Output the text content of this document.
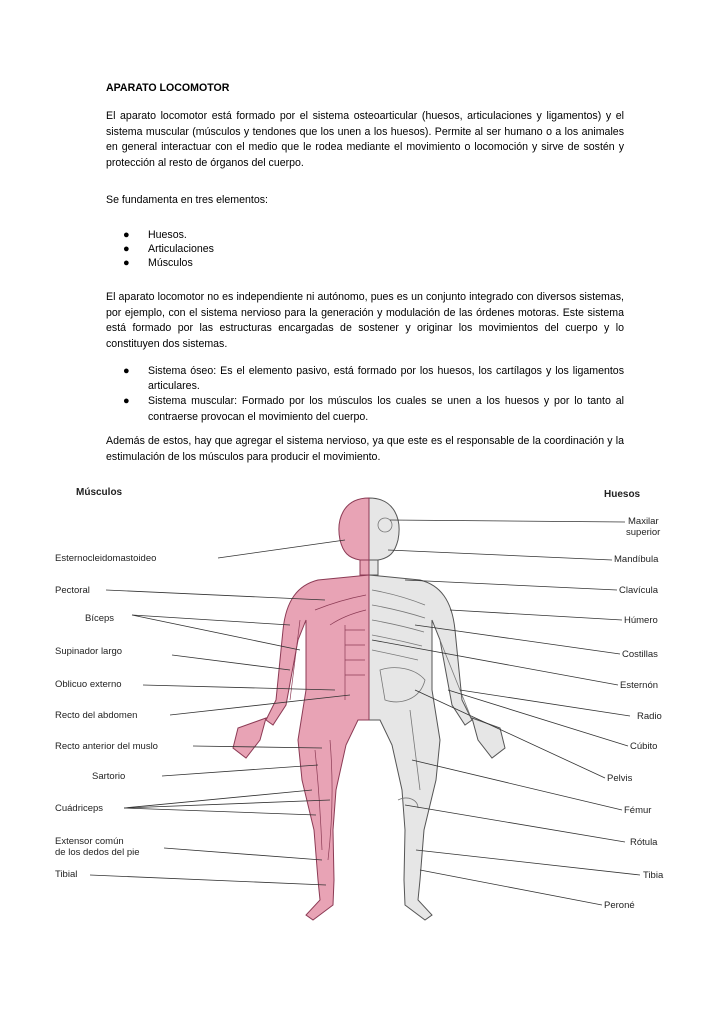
APARATO LOCOMOTOR
El aparato locomotor está formado por el sistema osteoarticular (huesos, articulaciones y ligamentos) y el sistema muscular (músculos y tendones que los unen a los huesos). Permite al ser humano o a los animales en general interactuar con el medio que le rodea mediante el movimiento o locomoción y sirve de sostén y protección al resto de órganos del cuerpo.
Se fundamenta en tres elementos:
● Huesos.
● Articulaciones
● Músculos
El aparato locomotor no es independiente ni autónomo, pues es un conjunto integrado con diversos sistemas, por ejemplo, con el sistema nervioso para la generación y modulación de las órdenes motoras. Este sistema está formado por las estructuras encargadas de sostener y originar los movimientos del cuerpo y lo constituyen dos sistemas.
● Sistema óseo: Es el elemento pasivo, está formado por los huesos, los cartílagos y los ligamentos articulares.
● Sistema muscular: Formado por los músculos los cuales se unen a los huesos y por lo tanto al contraerse provocan el movimiento del cuerpo.
Además de estos, hay que agregar el sistema nervioso, ya que este es el responsable de la coordinación y la estimulación de los músculos para producir el movimiento.
Músculos	Huesos
Esternocleidomastoideo
Pectoral
Bíceps
Supinador largo
Oblicuo externo
Recto del abdomen
Recto anterior del muslo
Sartorio
Cuádriceps
Extensor común
de los dedos del pie
Tibial
Maxilar
superior
Mandíbula
Clavícula
Húmero
Costillas
Esternón
Radio
Cúbito
Pelvis
Fémur
Rótula
Tibia
Peroné
